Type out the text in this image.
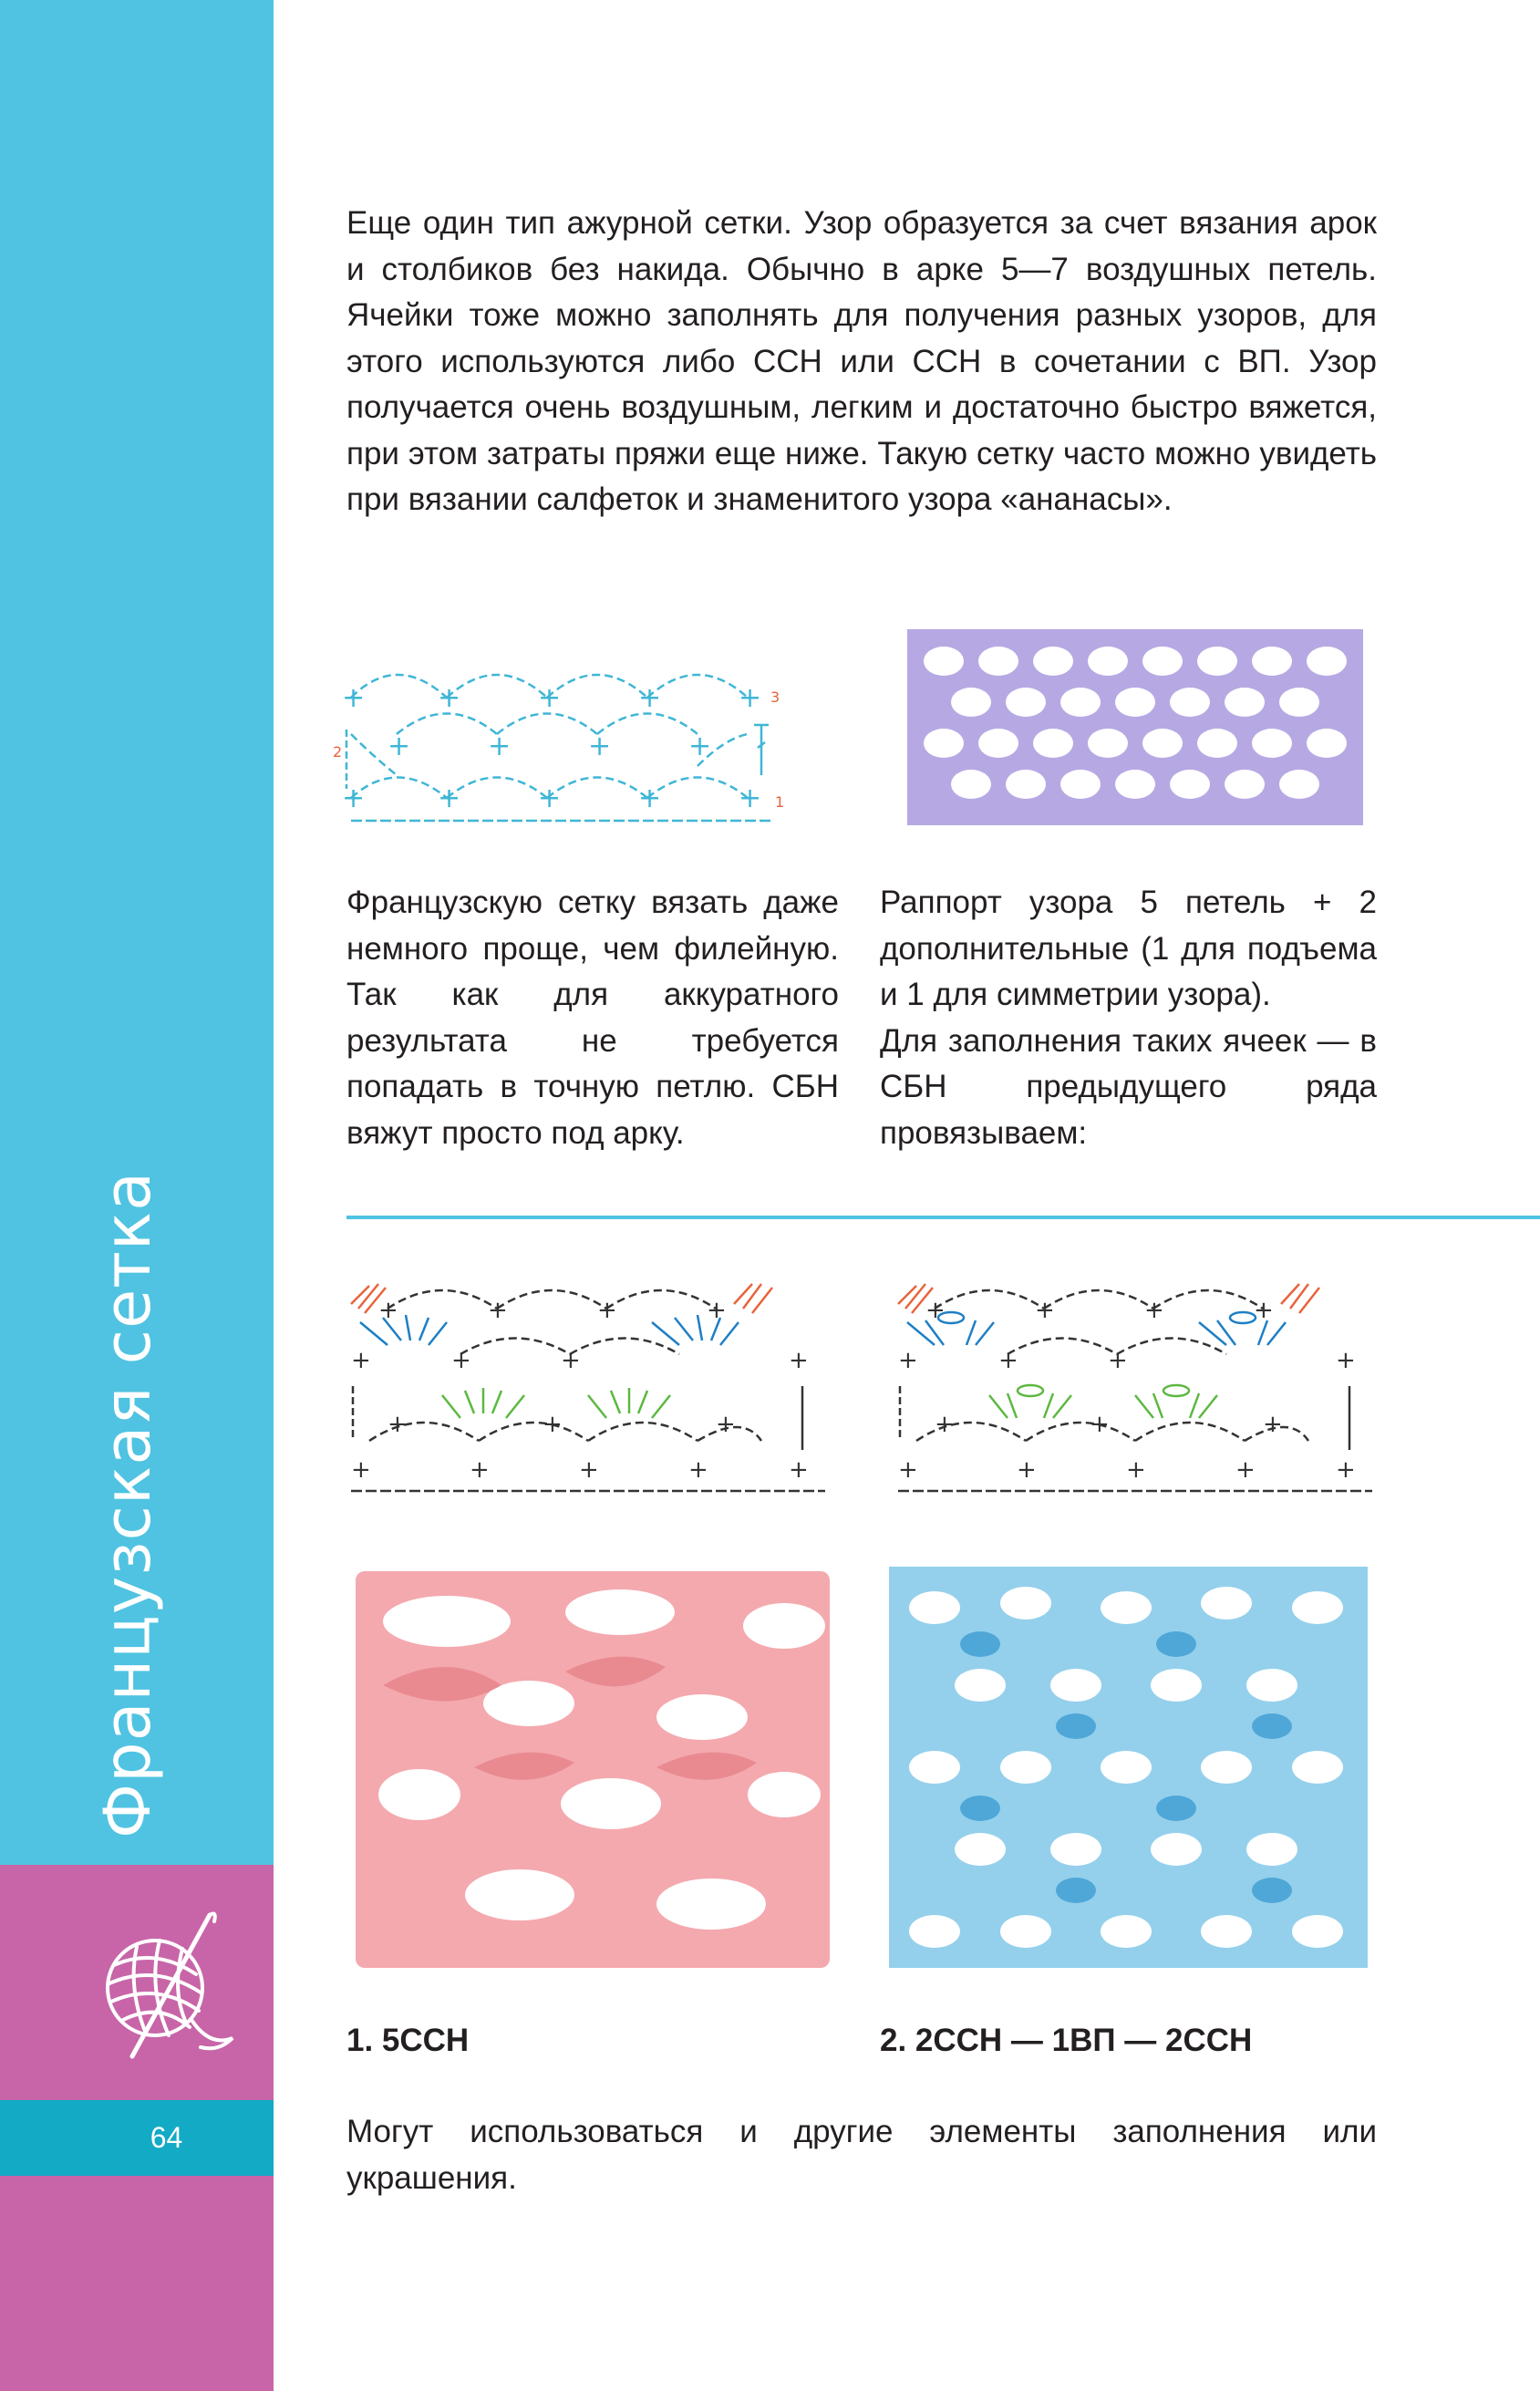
64
Французская сетка

Еще один тип ажурной сетки. Узор образуется за счет вязания арок и столбиков без накида. Обычно в арке 5—7 воздушных петель. Ячейки тоже можно заполнять для получения разных узоров, для этого используются либо ССН или ССН в сочетании с ВП. Узор получается очень воздушным, легким и достаточно быстро вяжется, при этом затраты пряжи еще ниже. Такую сетку часто можно увидеть при вязании салфеток и знаменитого узора «ананасы».

+	+	+	+	+
+	+	+	+
+	+	+	+	+
3
2
1

Французскую сетку вязать даже немного проще, чем филейную. Так как для аккуратного результата не требуется попадать в точную петлю. СБН вяжут просто под арку.

Раппорт узора 5 петель + 2 дополнительные (1 для подъема и 1 для симметрии узора).

Для заполнения таких ячеек — в СБН предыдущего ряда провязываем:

+	+	+	+
+	+	+	+
+	+	+
+	+	+	+	+
+	+	+	+
+	+	+	+
+	+	+
+	+	+	+	+
1. 5ССН	2. 2ССН — 1ВП — 2ССН

Могут использоваться и другие элементы заполнения или украшения.
